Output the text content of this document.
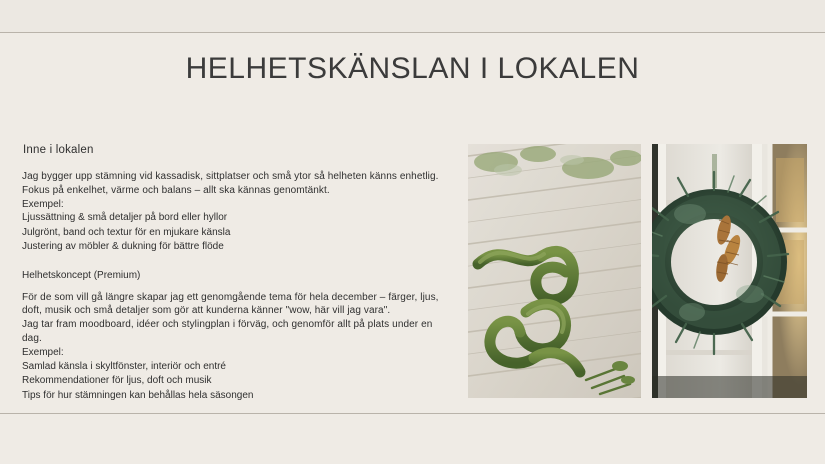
HELHETSKÄNSLAN I LOKALEN

Inne i lokalen

Jag bygger upp stämning vid kassadisk, sittplatser och små ytor så helheten känns enhetlig. Fokus på enkelhet, värme och balans – allt ska kännas genomtänkt.

Exempel:

Ljussättning & små detaljer på bord eller hyllor
Julgrönt, band och textur för en mjukare känsla
Justering av möbler & dukning för bättre flöde

Helhetskoncept (Premium)

För de som vill gå längre skapar jag ett genomgående tema för hela december – färger, ljus, doft, musik och små detaljer som gör att kunderna känner "wow, här vill jag vara".

Jag tar fram moodboard, idéer och stylingplan i förväg, och genomför allt på plats under en dag.

Exempel:

Samlad känsla i skyltfönster, interiör och entré
Rekommendationer för ljus, doft och musik
Tips för hur stämningen kan behållas hela säsongen
